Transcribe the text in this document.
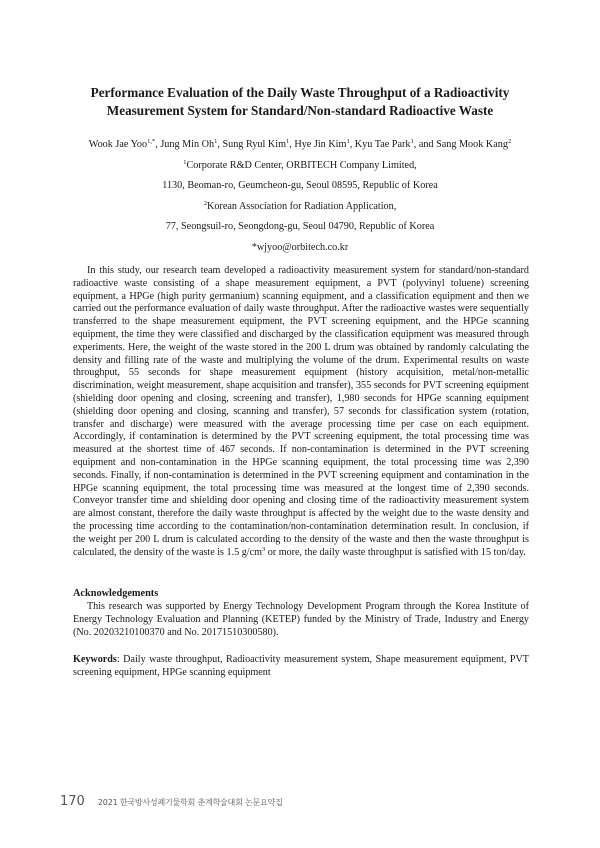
Performance Evaluation of the Daily Waste Throughput of a Radioactivity
Measurement System for Standard/Non-standard Radioactive Waste
Wook Jae Yoo$^{1,*}$, Jung Min Oh$^1$, Sung Ryul Kim$^1$, Hye Jin Kim$^1$, Kyu Tae Park$^1$, and Sang Mook Kang$^2$
$^1$Corporate R&D Center, ORBITECH Company Limited,
1130, Beoman-ro, Geumcheon-gu, Seoul 08595, Republic of Korea
$^2$Korean Association for Radiation Application,
77, Seongsuil-ro, Seongdong-gu, Seoul 04790, Republic of Korea
*wjyoo@orbitech.co.kr
In this study, our research team developed a radioactivity measurement system for standard/non-standard radioactive waste consisting of a shape measurement equipment, a PVT (polyvinyl toluene) screening equipment, a HPGe (high purity germanium) scanning equipment, and a classification equipment and then we carried out the performance evaluation of daily waste throughput. After the radioactive wastes were sequentially transferred to the shape measurement equipment, the PVT screening equipment, and the HPGe scanning equipment, the time they were classified and discharged by the classification equipment was measured through experiments. Here, the weight of the waste stored in the 200 L drum was obtained by randomly calculating the density and filling rate of the waste and multiplying the volume of the drum. Experimental results on waste throughput, 55 seconds for shape measurement equipment (history acquisition, metal/non-metallic discrimination, weight measurement, shape acquisition and transfer), 355 seconds for PVT screening equipment (shielding door opening and closing, screening and transfer), 1,980 seconds for HPGe scanning equipment (shielding door opening and closing, scanning and transfer), 57 seconds for classification system (rotation, transfer and discharge) were measured with the average processing time per case on each equipment. Accordingly, if contamination is determined by the PVT screening equipment, the total processing time was measured at the shortest time of 467 seconds. If non-contamination is determined in the PVT screening equipment and non-contamination in the HPGe scanning equipment, the total processing time was 2,390 seconds. Finally, if non-contamination is determined in the PVT screening equipment and contamination in the HPGe scanning equipment, the total processing time was measured at the longest time of 2,390 seconds. Conveyor transfer time and shielding door opening and closing time of the radioactivity measurement system are almost constant, therefore the daily waste throughput is affected by the weight due to the waste density and the processing time according to the contamination/non-contamination determination result. In conclusion, if the weight per 200 L drum is calculated according to the density of the waste and then the waste throughput is calculated, the density of the waste is 1.5 $g/cm^3$ or more, the daily waste throughput is satisfied with 15 ton/day.
Acknowledgements
This research was supported by Energy Technology Development Program through the Korea Institute of Energy Technology Evaluation and Planning (KETEP) funded by the Ministry of Trade, Industry and Energy (No. 20203210100370 and No. 20171510300580).
Keywords: Daily waste throughput, Radioactivity measurement system, Shape measurement equipment, PVT screening equipment, HPGe scanning equipment
170 2021 한국방사성폐기물학회 춘계학술대회 논문요약집
